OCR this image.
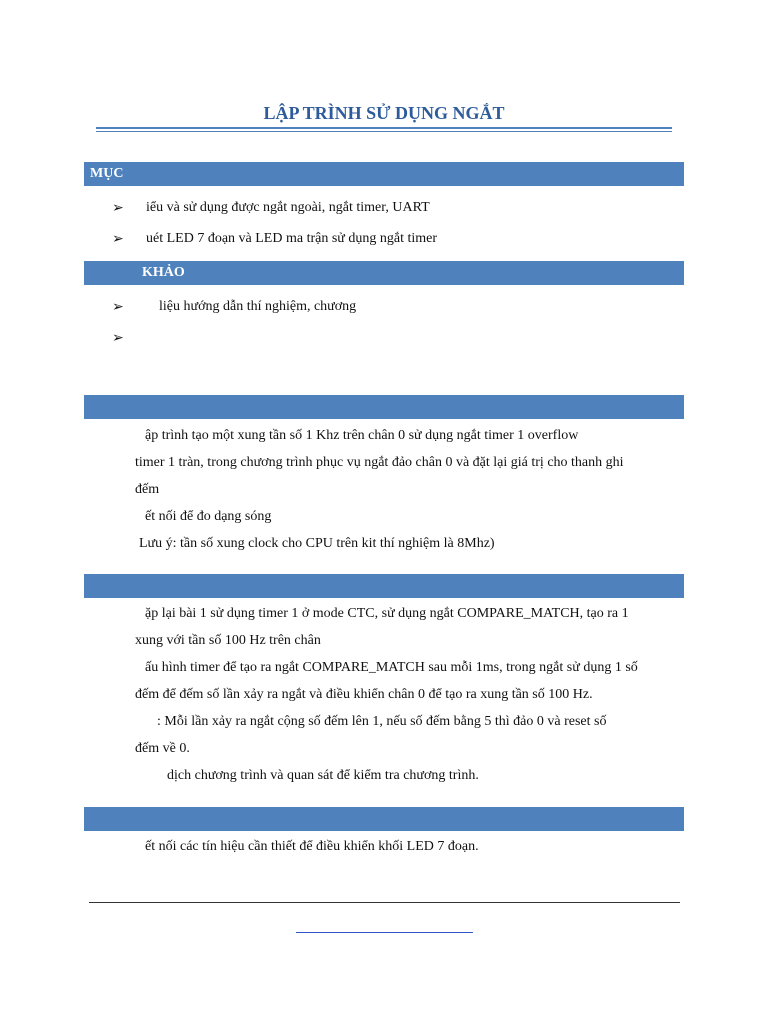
LẬP TRÌNH SỬ DỤNG NGẮT
MỤC
➢ iểu và sử dụng được ngắt ngoài, ngắt timer, UART
➢ uét LED 7 đoạn và LED ma trận sử dụng ngắt timer
KHẢO
➢	liệu hướng dẫn thí nghiệm, chương
➢
ập trình tạo một xung tần số 1 Khz trên chân 0 sử dụng ngắt timer 1 overflow
timer 1 tràn, trong chương trình phục vụ ngắt đảo chân 0 và đặt lại giá trị cho thanh ghi
đếm
ết nối để đo dạng sóng
Lưu ý: tần số xung clock cho CPU trên kit thí nghiệm là 8Mhz)
ặp lại bài 1 sử dụng timer 1 ở mode CTC, sử dụng ngắt COMPARE_MATCH, tạo ra 1
xung với tần số 100 Hz trên chân
ấu hình timer để tạo ra ngắt COMPARE_MATCH sau mỗi 1ms, trong ngắt sử dụng 1 số
đếm để đếm số lần xảy ra ngắt và điều khiển chân 0 để tạo ra xung tần số 100 Hz.
: Mỗi lần xảy ra ngắt cộng số đếm lên 1, nếu số đếm bằng 5 thì đảo 0 và reset số
đếm về 0.
dịch chương trình và quan sát để kiểm tra chương trình.
ết nối các tín hiệu cần thiết để điều khiển khối LED 7 đoạn.
